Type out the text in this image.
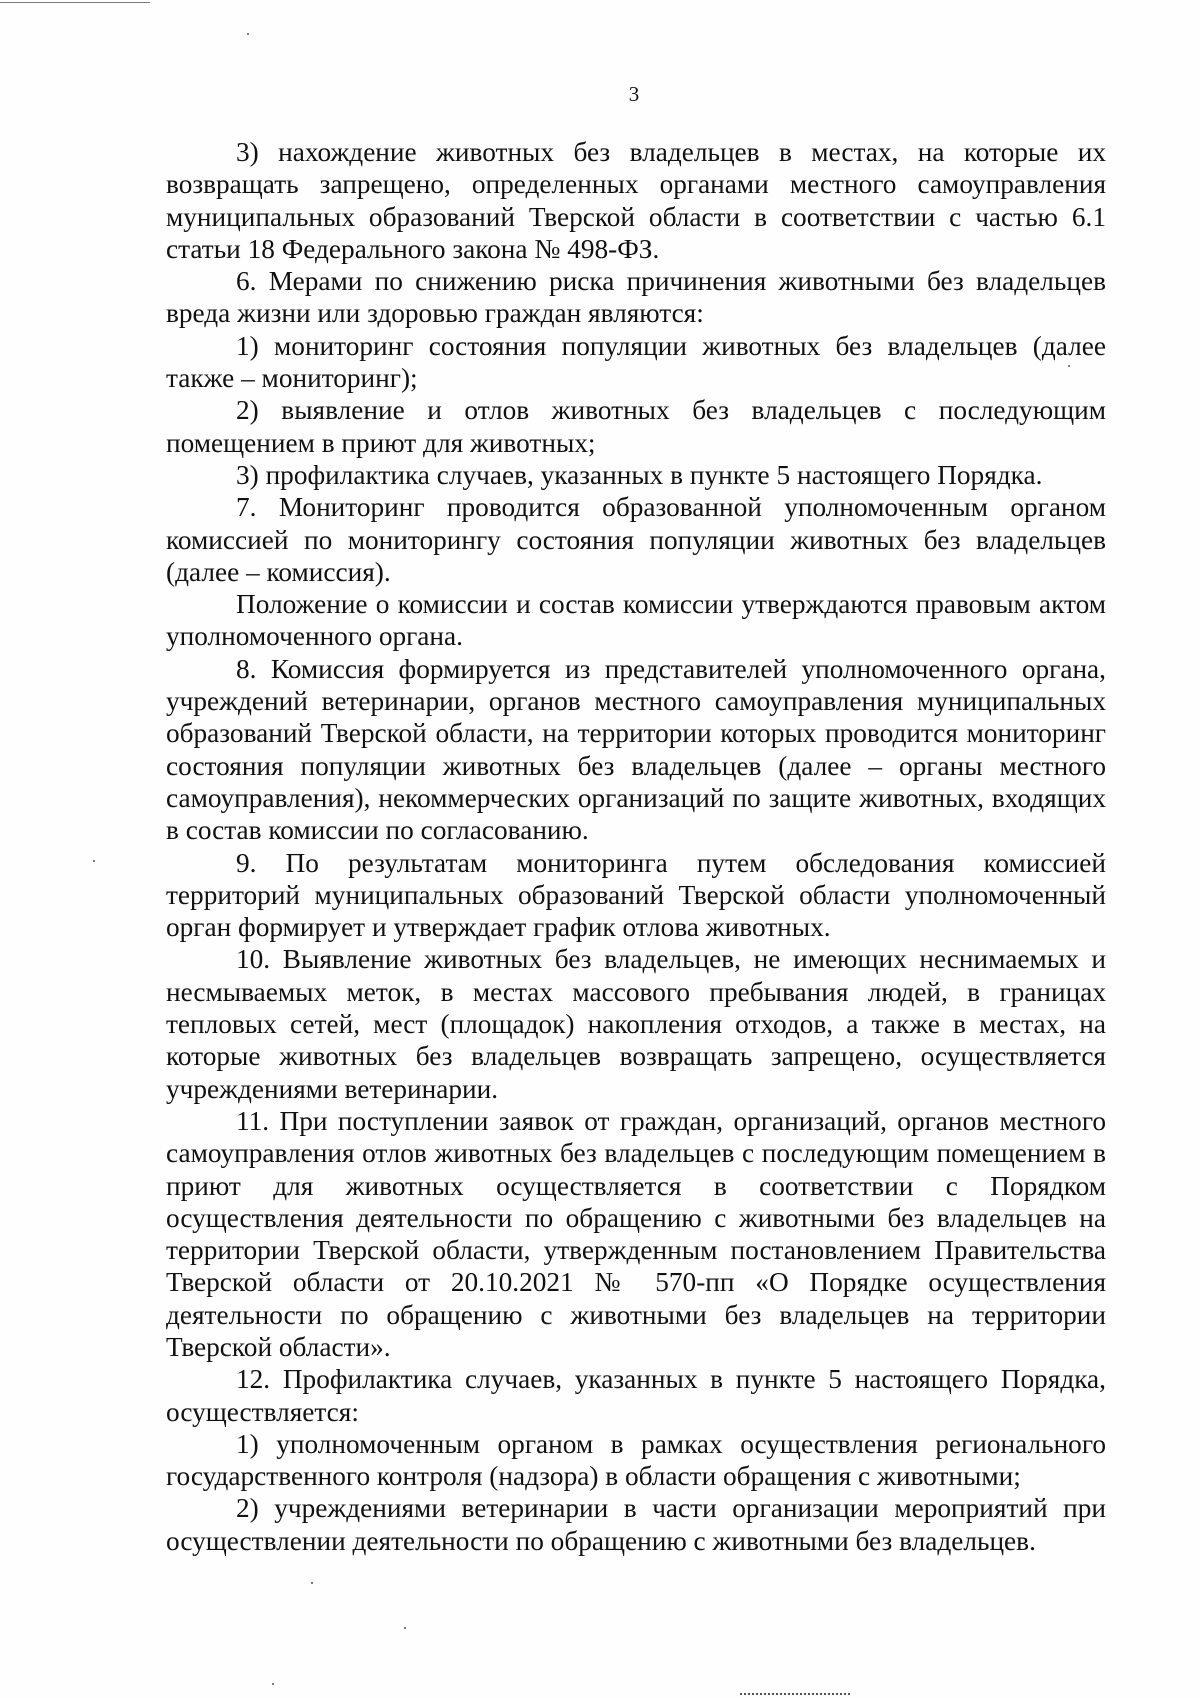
3

3) нахождение животных без владельцев в местах, на которые их возвращать запрещено, определенных органами местного самоуправления муниципальных образований Тверской области в соответствии с частью 6.1 статьи 18 Федерального закона № 498-ФЗ.

6. Мерами по снижению риска причинения животными без владельцев вреда жизни или здоровью граждан являются:

1) мониторинг состояния популяции животных без владельцев (далее также – мониторинг);

2) выявление и отлов животных без владельцев с последующим помещением в приют для животных;

3) профилактика случаев, указанных в пункте 5 настоящего Порядка.

7. Мониторинг проводится образованной уполномоченным органом комиссией по мониторингу состояния популяции животных без владельцев (далее – комиссия).

Положение о комиссии и состав комиссии утверждаются правовым актом уполномоченного органа.

8. Комиссия формируется из представителей уполномоченного органа, учреждений ветеринарии, органов местного самоуправления муниципальных образований Тверской области, на территории которых проводится мониторинг состояния популяции животных без владельцев (далее – органы местного самоуправления), некоммерческих организаций по защите животных, входящих в состав комиссии по согласованию.

9. По результатам мониторинга путем обследования комиссией территорий муниципальных образований Тверской области уполномоченный орган формирует и утверждает график отлова животных.

10. Выявление животных без владельцев, не имеющих неснимаемых и несмываемых меток, в местах массового пребывания людей, в границах тепловых сетей, мест (площадок) накопления отходов, а также в местах, на которые животных без владельцев возвращать запрещено, осуществляется учреждениями ветеринарии.

11. При поступлении заявок от граждан, организаций, органов местного самоуправления отлов животных без владельцев с последующим помещением в приют для животных осуществляется в соответствии с Порядком осуществления деятельности по обращению с животными без владельцев на территории Тверской области, утвержденным постановлением Правительства Тверской области от 20.10.2021 № 570-пп «О Порядке осуществления деятельности по обращению с животными без владельцев на территории Тверской области».

12. Профилактика случаев, указанных в пункте 5 настоящего Порядка, осуществляется:

1) уполномоченным органом в рамках осуществления регионального государственного контроля (надзора) в области обращения с животными;

2) учреждениями ветеринарии в части организации мероприятий при осуществлении деятельности по обращению с животными без владельцев.
